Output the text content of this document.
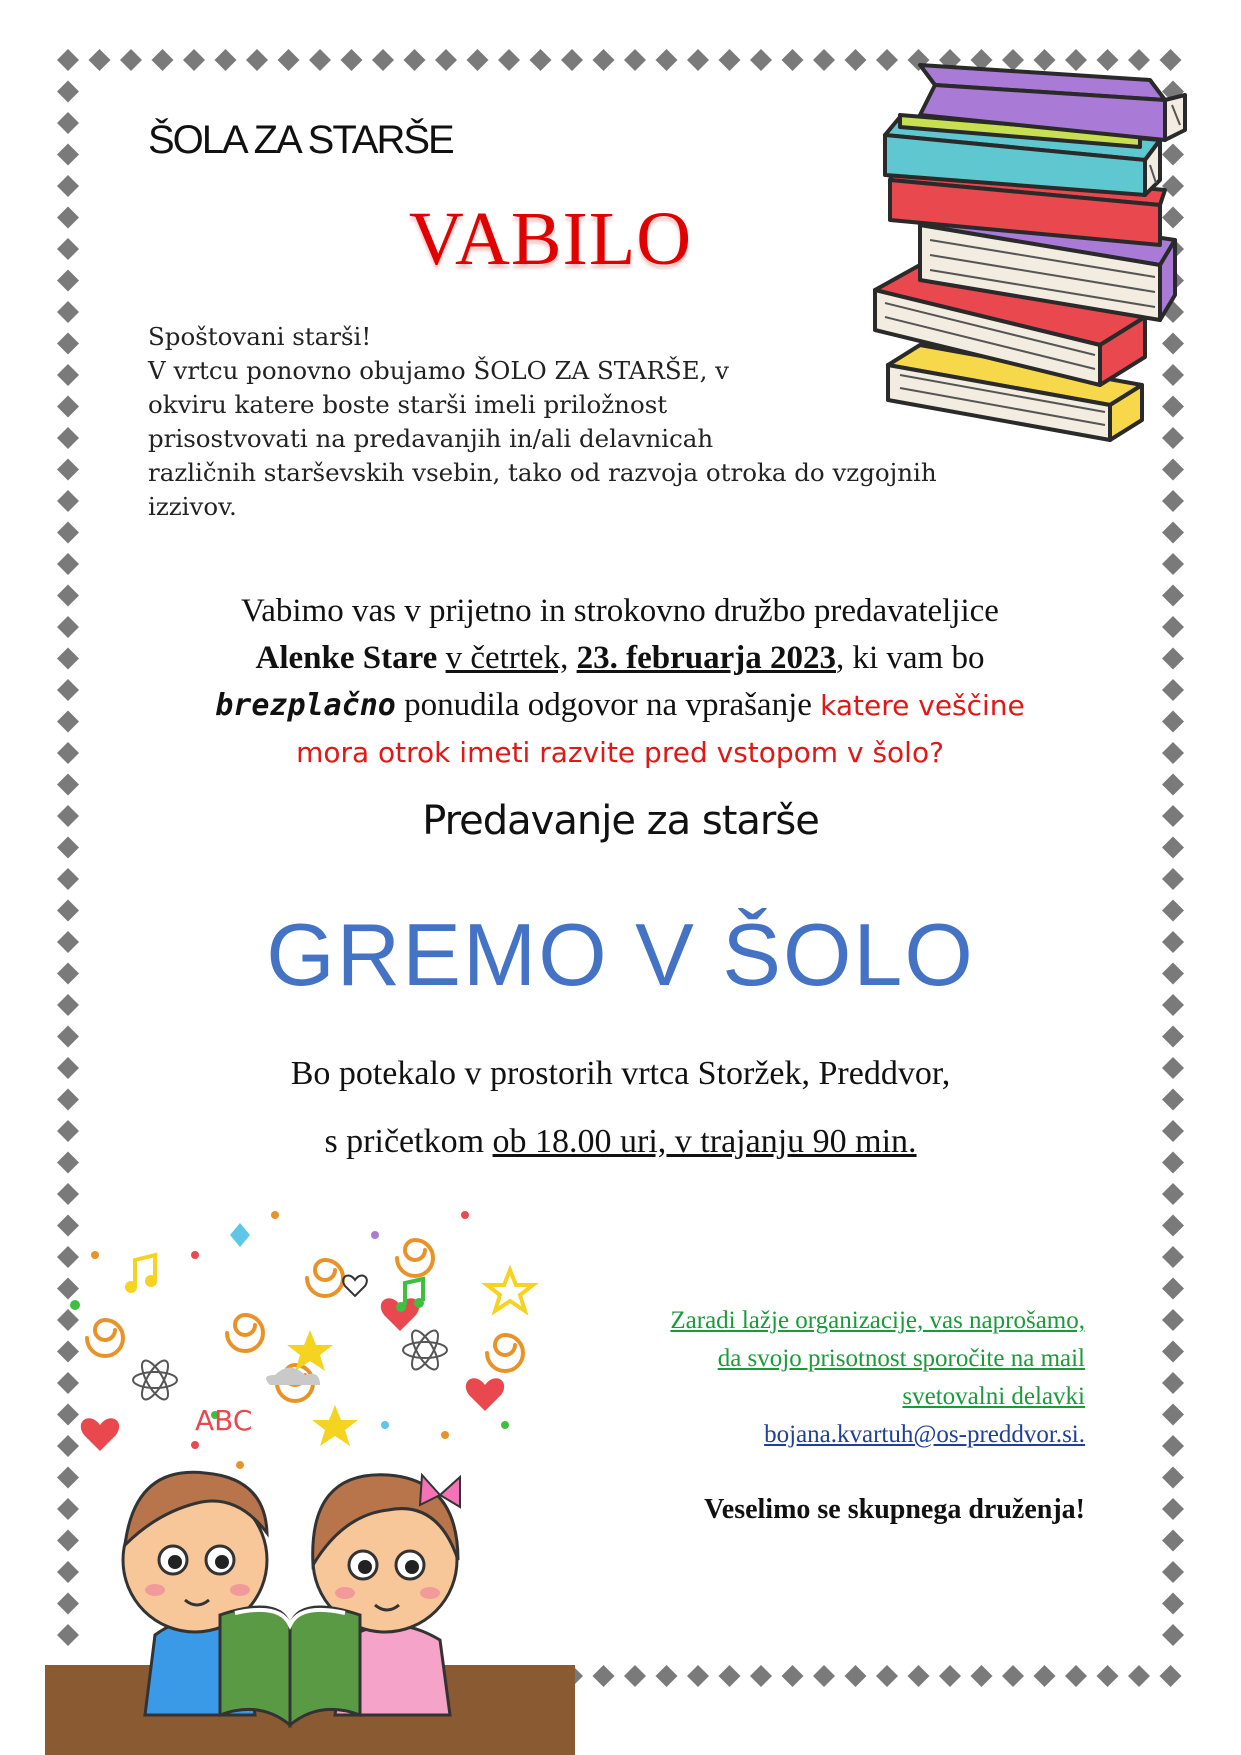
ŠOLA ZA STARŠE
VABILO
Spoštovani starši!
V vrtcu ponovno obujamo ŠOLO ZA STARŠE, v
okviru katere boste starši imeli priložnost
prisostvovati na predavanjih in/ali delavnicah
različnih starševskih vsebin, tako od razvoja otroka do vzgojnih
izzivov.
Vabimo vas v prijetno in strokovno družbo predavateljice
Alenke Stare v četrtek, 23. februarja 2023, ki vam bo
brezplačno ponudila odgovor na vprašanje katere veščine
mora otrok imeti razvite pred vstopom v šolo?
Predavanje za starše
GREMO V ŠOLO
Bo potekalo v prostorih vrtca Storžek, Preddvor,
s pričetkom ob 18.00 uri, v trajanju 90 min.
Zaradi lažje organizacije, vas naprošamo,
da svojo prisotnost sporočite na mail
svetovalni delavki
bojana.kvartuh@os-preddvor.si.
Veselimo se skupnega druženja!
ABC
